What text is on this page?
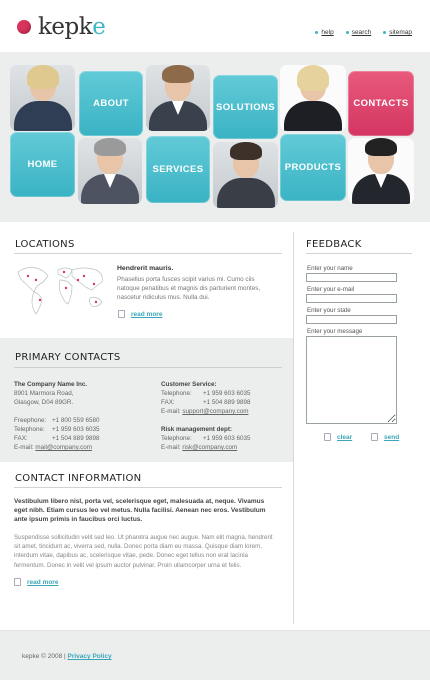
kepke	help	search	sitemap
ABOUT	SOLUTIONS	CONTACTS
HOME	SERVICES	PRODUCTS
LOCATIONS
Hendrerit mauris.
Phasellus porta fusces scipit varius mi. Cumo ciis natoque penatibus et magnis dis parturient montes, nascetur ridiculus mus. Nulla dui.
read more
PRIMARY CONTACTS
The Company Name Inc.
8901 Marmora Road,
Glasgow, D04 89GR.
Freephone: +1 800 559 6580
Telephone:	+1 959 603 6035
FAX:	+1 504 889 9898
E-mail:
mail@company.com
Customer Service:
Telephone:	+1 959 603 6035
FAX:	+1 504 889 9898
E-mail:
support@company.com
Risk management dept:
Telephone:	+1 959 603 6035
E-mail:
risk@company.com
CONTACT INFORMATION
Vestibulum libero nisl, porta vel, scelerisque eget, malesuada at, neque. Vivamus eget nibh. Etiam cursus leo vel metus. Nulla facilisi. Aenean nec eros. Vestibulum ante ipsum primis in faucibus orci luctus.
Suspendisse sollicitudin velit sed leo. Ut pharetra augue nec augue. Nam elit magna, hendrerit sit amet, tincidunt ac, viverra sed, nulla. Donec porta diam eu massa. Quisque diam lorem, interdum vitae, dapibus ac, scelerisque vitae, pede. Donec eget tellus non erat lacinia fermentum. Donec in velit vel ipsum auctor pulvinar. Proin ullamcorper urna et felis.
read more
FEEDBACK
Enter your name
Enter your e-mail
Enter your state
Enter your message
clear	send
kepke © 2008 | Privacy Policy
